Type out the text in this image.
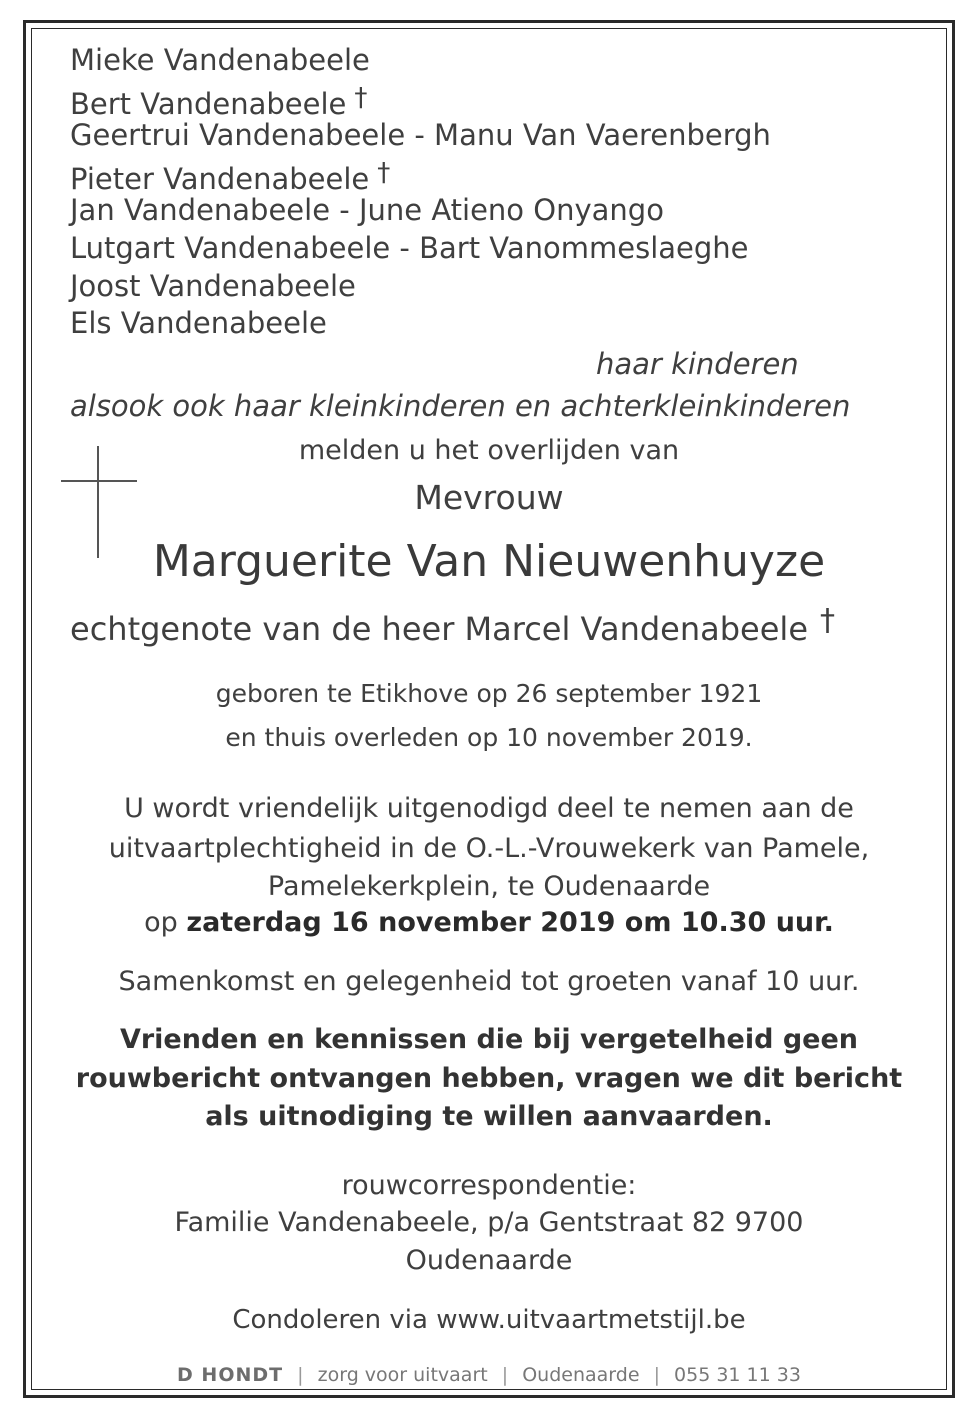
Mieke Vandenabeele
Bert Vandenabeele †
Geertrui Vandenabeele - Manu Van Vaerenbergh
Pieter Vandenabeele †
Jan Vandenabeele - June Atieno Onyango
Lutgart Vandenabeele - Bart Vanommeslaeghe
Joost Vandenabeele
Els Vandenabeele
haar kinderen
alsook ook haar kleinkinderen en achterkleinkinderen
melden u het overlijden van
Mevrouw
Marguerite Van Nieuwenhuyze
echtgenote van de heer Marcel Vandenabeele †
geboren te Etikhove op 26 september 1921
en thuis overleden op 10 november 2019.
U wordt vriendelijk uitgenodigd deel te nemen aan de
uitvaartplechtigheid in de O.-L.-Vrouwekerk van Pamele,
Pamelekerkplein, te Oudenaarde
op zaterdag 16 november 2019 om 10.30 uur.
Samenkomst en gelegenheid tot groeten vanaf 10 uur.
Vrienden en kennissen die bij vergetelheid geen
rouwbericht ontvangen hebben, vragen we dit bericht
als uitnodiging te willen aanvaarden.
rouwcorrespondentie:
Familie Vandenabeele, p/a Gentstraat 82 9700
Oudenaarde
Condoleren via www.uitvaartmetstijl.be
D HONDT | zorg voor uitvaart | Oudenaarde | 055 31 11 33
